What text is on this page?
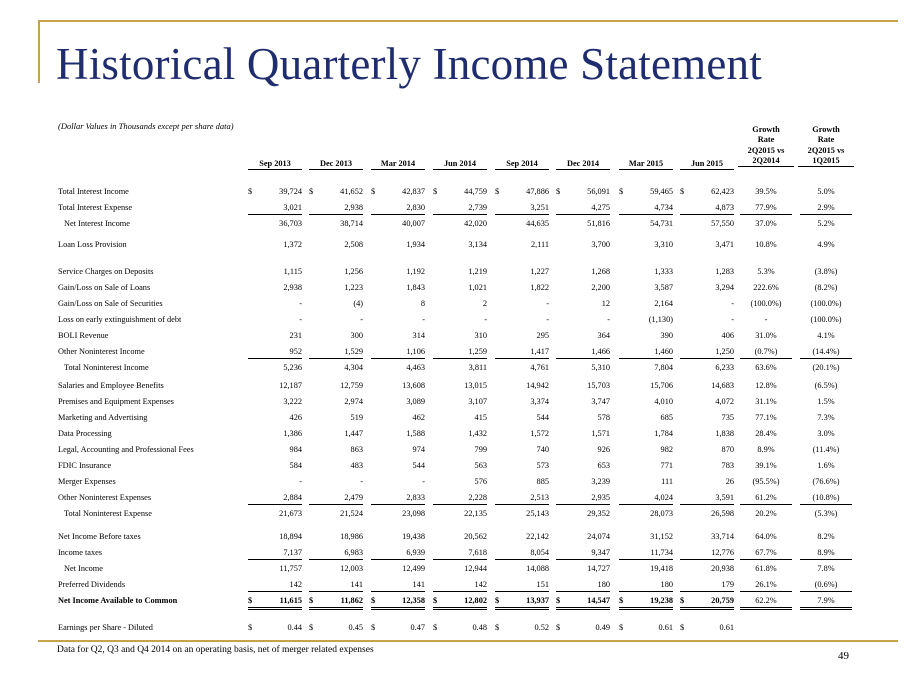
Historical Quarterly Income Statement
(Dollar Values in Thousands except per share data)
Sep 2013	Dec 2013	Mar 2014	Jun 2014	Sep 2014	Dec 2014	Mar 2015	Jun 2015
Growth
Rate
2Q2015 vs
2Q2014
Growth
Rate
2Q2015 vs
1Q2015
Total Interest Income	$	39,724 $	41,652 $	42,837 $	44,759 $	47,886 $	56,091 $	59,465 $	62,423	39.5%	5.0%
Total Interest Expense	3,021	2,938	2,830	2,739	3,251	4,275	4,734	4,873	77.9%	2.9%
Net Interest Income	36,703	38,714	40,007	42,020	44,635	51,816	54,731	57,550	37.0%	5.2%
Loan Loss Provision	1,372	2,508	1,934	3,134	2,111	3,700	3,310	3,471	10.8%	4.9%
Service Charges on Deposits	1,115	1,256	1,192	1,219	1,227	1,268	1,333	1,283	5.3%	(3.8%)
Gain/Loss on Sale of Loans	2,938	1,223	1,843	1,021	1,822	2,200	3,587	3,294	222.6%	(8.2%)
Gain/Loss on Sale of Securities	-	(4)	8	2	-	12	2,164	-	(100.0%)	(100.0%)
Loss on early extinguishment of debt	-	-	-	-	-	-	(1,130)	-	-	(100.0%)
BOLI Revenue	231	300	314	310	295	364	390	406	31.0%	4.1%
Other Noninterest Income	952	1,529	1,106	1,259	1,417	1,466	1,460	1,250	(0.7%)	(14.4%)
Total Noninterest Income	5,236	4,304	4,463	3,811	4,761	5,310	7,804	6,233	63.6%	(20.1%)
Salaries and Employee Benefits	12,187	12,759	13,608	13,015	14,942	15,703	15,706	14,683	12.8%	(6.5%)
Premises and Equipment Expenses	3,222	2,974	3,089	3,107	3,374	3,747	4,010	4,072	31.1%	1.5%
Marketing and Advertising	426	519	462	415	544	578	685	735	77.1%	7.3%
Data Processing	1,386	1,447	1,588	1,432	1,572	1,571	1,784	1,838	28.4%	3.0%
Legal, Accounting and Professional Fees	984	863	974	799	740	926	982	870	8.9%	(11.4%)
FDIC Insurance	584	483	544	563	573	653	771	783	39.1%	1.6%
Merger Expenses	-	-	-	576	885	3,239	111	26	(95.5%)	(76.6%)
Other Noninterest Expenses	2,884	2,479	2,833	2,228	2,513	2,935	4,024	3,591	61.2%	(10.8%)
Total Noninterest Expense	21,673	21,524	23,098	22,135	25,143	29,352	28,073	26,598	20.2%	(5.3%)
Net Income Before taxes	18,894	18,986	19,438	20,562	22,142	24,074	31,152	33,714	64.0%	8.2%
Income taxes	7,137	6,983	6,939	7,618	8,054	9,347	11,734	12,776	67.7%	8.9%
Net Income	11,757	12,003	12,499	12,944	14,088	14,727	19,418	20,938	61.8%	7.8%
Preferred Dividends	142	141	141	142	151	180	180	179	26.1%	(0.6%)
Net Income Available to Common	$	11,615 $	11,862 $	12,358 $	12,802 $	13,937 $	14,547 $	19,238 $	20,759	62.2%	7.9%
Earnings per Share - Diluted	$	0.44 $	0.45 $	0.47 $	0.48 $	0.52 $	0.49 $	0.61 $	0.61
Data for Q2, Q3 and Q4 2014 on an operating basis, net of merger related expenses	49
